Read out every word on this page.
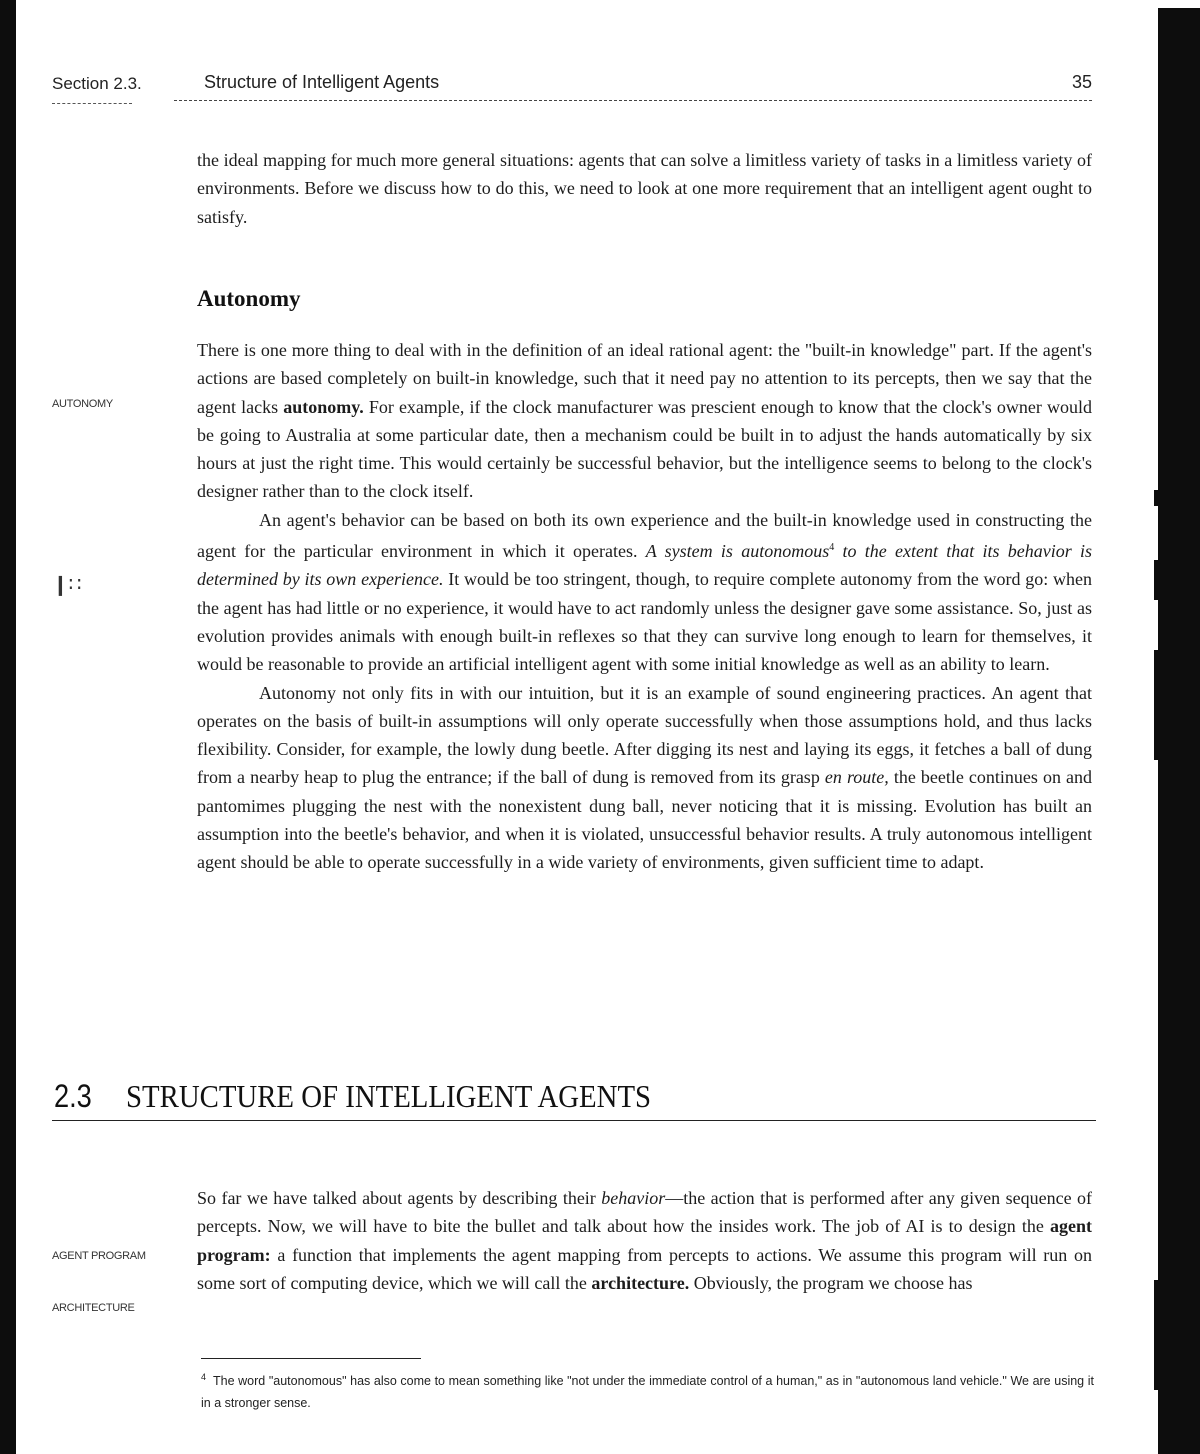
Section 2.3.	Structure of Intelligent Agents	35

the ideal mapping for much more general situations: agents that can solve a limitless variety of tasks in a limitless variety of environments. Before we discuss how to do this, we need to look at one more requirement that an intelligent agent ought to satisfy.

Autonomy
AUTONOMY
❙∷

There is one more thing to deal with in the definition of an ideal rational agent: the "built-in knowledge" part. If the agent's actions are based completely on built-in knowledge, such that it need pay no attention to its percepts, then we say that the agent lacks autonomy. For example, if the clock manufacturer was prescient enough to know that the clock's owner would be going to Australia at some particular date, then a mechanism could be built in to adjust the hands automatically by six hours at just the right time. This would certainly be successful behavior, but the intelligence seems to belong to the clock's designer rather than to the clock itself.

An agent's behavior can be based on both its own experience and the built-in knowledge used in constructing the agent for the particular environment in which it operates. A system is autonomous$^4$ to the extent that its behavior is determined by its own experience. It would be too stringent, though, to require complete autonomy from the word go: when the agent has had little or no experience, it would have to act randomly unless the designer gave some assistance. So, just as evolution provides animals with enough built-in reflexes so that they can survive long enough to learn for themselves, it would be reasonable to provide an artificial intelligent agent with some initial knowledge as well as an ability to learn.

Autonomy not only fits in with our intuition, but it is an example of sound engineering practices. An agent that operates on the basis of built-in assumptions will only operate successfully when those assumptions hold, and thus lacks flexibility. Consider, for example, the lowly dung beetle. After digging its nest and laying its eggs, it fetches a ball of dung from a nearby heap to plug the entrance; if the ball of dung is removed from its grasp en route, the beetle continues on and pantomimes plugging the nest with the nonexistent dung ball, never noticing that it is missing. Evolution has built an assumption into the beetle's behavior, and when it is violated, unsuccessful behavior results. A truly autonomous intelligent agent should be able to operate successfully in a wide variety of environments, given sufficient time to adapt.

2.3 STRUCTURE OF INTELLIGENT AGENTS
AGENT PROGRAM
ARCHITECTURE

So far we have talked about agents by describing their behavior—the action that is performed after any given sequence of percepts. Now, we will have to bite the bullet and talk about how the insides work. The job of AI is to design the agent program: a function that implements the agent mapping from percepts to actions. We assume this program will run on some sort of computing device, which we will call the architecture. Obviously, the program we choose has

$^4$ The word "autonomous" has also come to mean something like "not under the immediate control of a human," as in "autonomous land vehicle." We are using it in a stronger sense.
